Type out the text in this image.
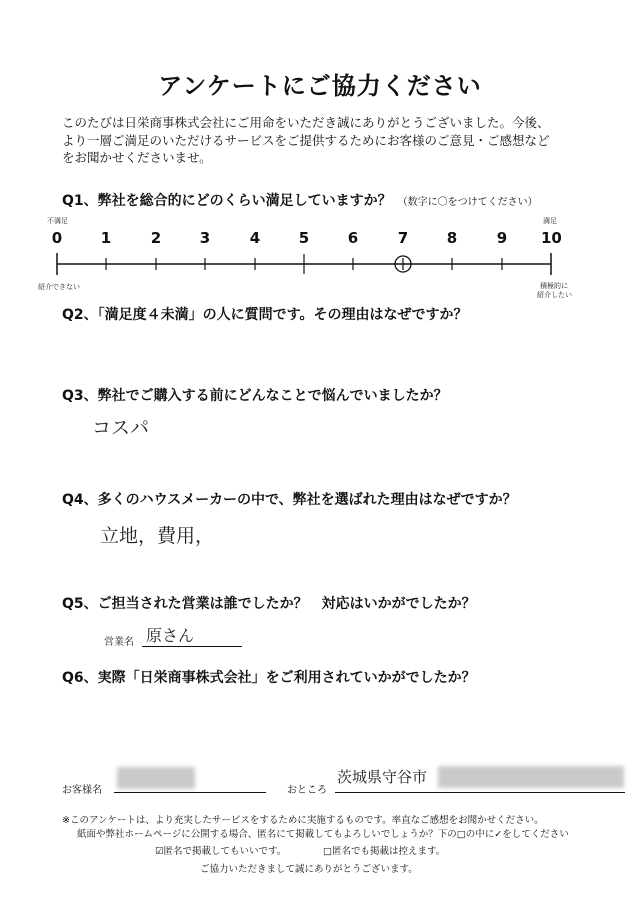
アンケートにご協力ください
このたびは日栄商事株式会社にご用命をいただき誠にありがとうございました。今後、
より一層ご満足のいただけるサービスをご提供するためにお客様のご意見・ご感想など
をお聞かせくださいませ。
Q1、弊社を総合的にどのくらい満足していますか？ （数字に〇をつけてください）
不満足	満足
0	1	2	3	4	5	6	7	8	9	10
紹介できない	積極的に
紹介したい
Q2、「満足度４未満」の人に質問です。その理由はなぜですか？
Q3、弊社でご購入する前にどんなことで悩んでいましたか？
コスパ
Q4、多くのハウスメーカーの中で、弊社を選ばれた理由はなぜですか？
立地，費用，
Q5、ご担当された営業は誰でしたか？　対応はいかがでしたか？
営業名 原さん
Q6、実際「日栄商事株式会社」をご利用されていかがでしたか？
お客様名	おところ
茨城県守谷市
※このアンケートは、より充実したサービスをするために実施するものです。率直なご感想をお聞かせください。
紙面や弊社ホームページに公開する場合、匿名にて掲載してもよろしいでしょうか？下の□の中に✓をしてください
☑匿名で掲載してもいいです。	□匿名でも掲載は控えます。
ご協力いただきまして誠にありがとうございます。
